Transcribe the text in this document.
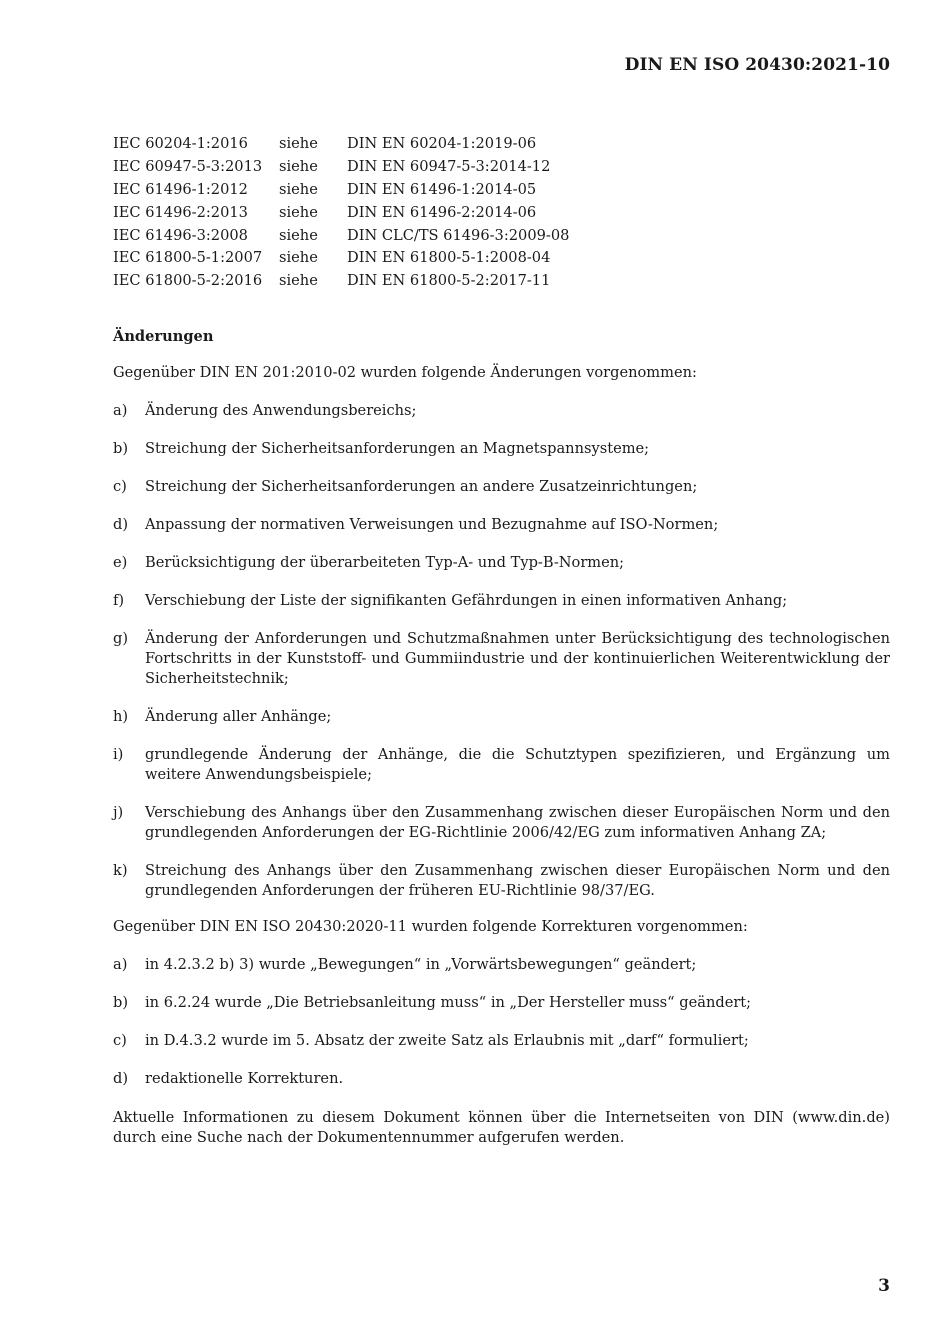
DIN EN ISO 20430:2021-10
IEC 60204-1:2016	siehe	DIN EN 60204-1:2019-06
IEC 60947-5-3:2013	siehe	DIN EN 60947-5-3:2014-12
IEC 61496-1:2012	siehe	DIN EN 61496-1:2014-05
IEC 61496-2:2013	siehe	DIN EN 61496-2:2014-06
IEC 61496-3:2008	siehe	DIN CLC/TS 61496-3:2009-08
IEC 61800-5-1:2007	siehe	DIN EN 61800-5-1:2008-04
IEC 61800-5-2:2016	siehe	DIN EN 61800-5-2:2017-11
Änderungen
Gegenüber DIN EN 201:2010-02 wurden folgende Änderungen vorgenommen:
a)	Änderung des Anwendungsbereichs;
b)	Streichung der Sicherheitsanforderungen an Magnetspannsysteme;
c)	Streichung der Sicherheitsanforderungen an andere Zusatzeinrichtungen;
d)	Anpassung der normativen Verweisungen und Bezugnahme auf ISO-Normen;
e)	Berücksichtigung der überarbeiteten Typ-A- und Typ-B-Normen;
f)	Verschiebung der Liste der signifikanten Gefährdungen in einen informativen Anhang;
g)	Änderung der Anforderungen und Schutzmaßnahmen unter Berücksichtigung des technologischen Fortschritts in der Kunststoff- und Gummiindustrie und der kontinuierlichen Weiterentwicklung der Sicherheitstechnik;
h)	Änderung aller Anhänge;
i)	grundlegende Änderung der Anhänge, die die Schutztypen spezifizieren, und Ergänzung um weitere Anwendungsbeispiele;
j)	Verschiebung des Anhangs über den Zusammenhang zwischen dieser Europäischen Norm und den grundlegenden Anforderungen der EG-Richtlinie 2006/42/EG zum informativen Anhang ZA;
k)	Streichung des Anhangs über den Zusammenhang zwischen dieser Europäischen Norm und den grundlegenden Anforderungen der früheren EU-Richtlinie 98/37/EG.
Gegenüber DIN EN ISO 20430:2020-11 wurden folgende Korrekturen vorgenommen:
a)	in 4.2.3.2 b) 3) wurde „Bewegungen“ in „Vorwärtsbewegungen“ geändert;
b)	in 6.2.24 wurde „Die Betriebsanleitung muss“ in „Der Hersteller muss“ geändert;
c)	in D.4.3.2 wurde im 5. Absatz der zweite Satz als Erlaubnis mit „darf“ formuliert;
d)	redaktionelle Korrekturen.
Aktuelle Informationen zu diesem Dokument können über die Internetseiten von DIN (www.din.de) durch eine Suche nach der Dokumentennummer aufgerufen werden.
3
